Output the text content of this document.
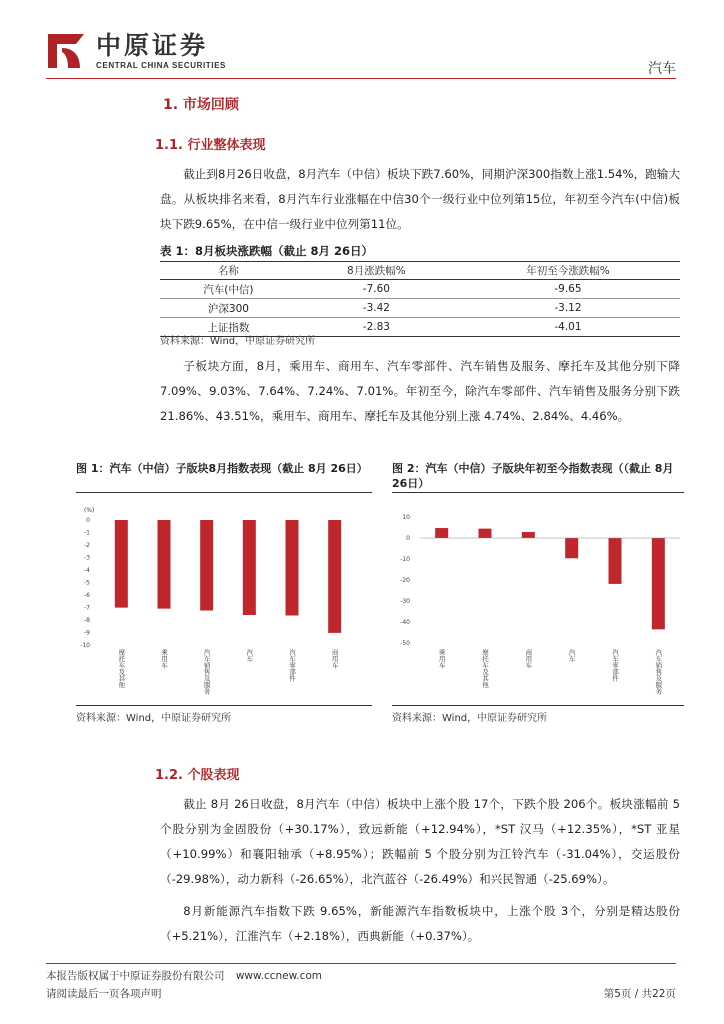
中原证券
CENTRAL CHINA SECURITIES	汽车
1. 市场回顾
1.1. 行业整体表现
截止到8月26日收盘，8月汽车（中信）板块下跌7.60%，同期沪深300指数上涨1.54%，跑输大盘。从板块排名来看，8月汽车行业涨幅在中信30个一级行业中位列第15位，年初至今汽车(中信)板块下跌9.65%，在中信一级行业中位列第11位。
表 1：8月板块涨跌幅（截止 8月 26日）
名称	8月涨跌幅%	年初至今涨跌幅%
汽车(中信)	-7.60	-9.65
沪深300	-3.42	-3.12
上证指数	-2.83	-4.01
资料来源：Wind，中原证券研究所
子板块方面，8月，乘用车、商用车、汽车零部件、汽车销售及服务、摩托车及其他分别下降 7.09%、9.03%、7.64%、7.24%、7.01%。年初至今，除汽车零部件、汽车销售及服务分别下跌 21.86%、43.51%，乘用车、商用车、摩托车及其他分别上涨 4.74%、2.84%、4.46%。
图 1：汽车（中信）子版块8月指数表现（截止 8月 26日）	图 2：汽车（中信）子版块年初至今指数表现（（截止 8月 26日）
(%)
0
-1
-2
-3
-4
-5
-6
-7
-8
-9
-10
摩托车及其他	乘用车	汽车销售及服务	汽车	汽车零部件	商用车
10
0
-10
-20
-30
-40
-50
乘用车	摩托车及其他	商用车	汽车	汽车零部件	汽车销售及服务
资料来源：Wind，中原证券研究所	资料来源：Wind，中原证券研究所
1.2. 个股表现
截止 8月 26日收盘，8月汽车（中信）板块中上涨个股 17个，下跌个股 206个。板块涨幅前 5 个股分别为金固股份（+30.17%），致远新能（+12.94%），*ST 汉马（+12.35%），*ST 亚星（+10.99%）和襄阳轴承（+8.95%）；跌幅前 5 个股分别为江铃汽车（-31.04%），交运股份（-29.98%），动力新科（-26.65%），北汽蓝谷（-26.49%）和兴民智通（-25.69%）。
8月新能源汽车指数下跌 9.65%，新能源汽车指数板块中，上涨个股 3个，分别是精达股份（+5.21%），江淮汽车（+2.18%），西典新能（+0.37%）。
本报告版权属于中原证券股份有限公司 www.ccnew.com
请阅读最后一页各项声明	第5页 / 共22页
